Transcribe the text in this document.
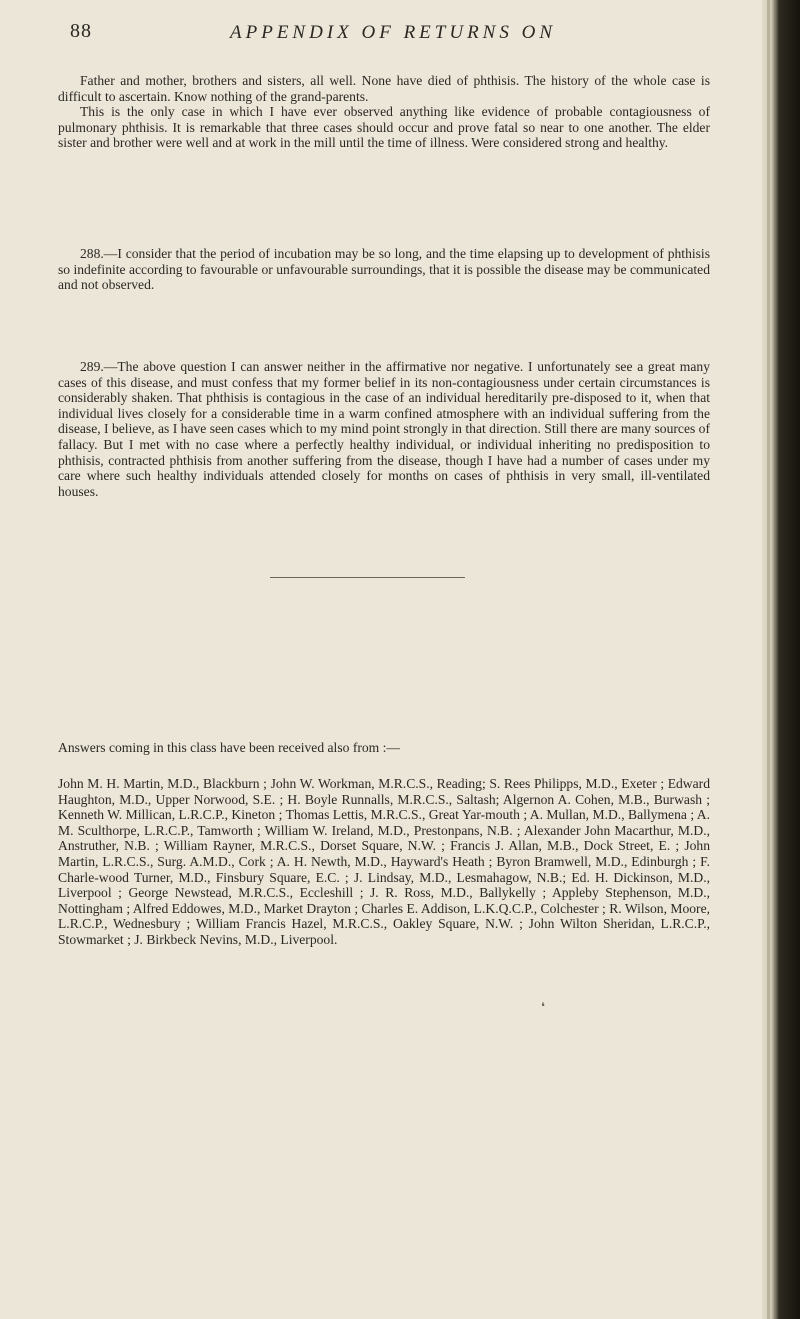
88	APPENDIX OF RETURNS ON

Father and mother, brothers and sisters, all well. None have died of phthisis. The history of the whole case is difficult to ascertain. Know nothing of the grand-parents.

This is the only case in which I have ever observed anything like evidence of probable contagiousness of pulmonary phthisis. It is remarkable that three cases should occur and prove fatal so near to one another. The elder sister and brother were well and at work in the mill until the time of illness. Were considered strong and healthy.

288.—I consider that the period of incubation may be so long, and the time elapsing up to development of phthisis so indefinite according to favourable or unfavourable surroundings, that it is possible the disease may be communicated and not observed.

289.—The above question I can answer neither in the affirmative nor negative. I unfortunately see a great many cases of this disease, and must confess that my former belief in its non-contagiousness under certain circumstances is considerably shaken. That phthisis is contagious in the case of an individual hereditarily pre-disposed to it, when that individual lives closely for a considerable time in a warm confined atmosphere with an individual suffering from the disease, I believe, as I have seen cases which to my mind point strongly in that direction. Still there are many sources of fallacy. But I met with no case where a perfectly healthy individual, or individual inheriting no predisposition to phthisis, contracted phthisis from another suffering from the disease, though I have had a number of cases under my care where such healthy individuals attended closely for months on cases of phthisis in very small, ill-ventilated houses.

Answers coming in this class have been received also from :—
John M. H. Martin, M.D., Blackburn ; John W. Workman, M.R.C.S., Reading; S. Rees Philipps, M.D., Exeter ; Edward Haughton, M.D., Upper Norwood, S.E. ; H. Boyle Runnalls, M.R.C.S., Saltash; Algernon A. Cohen, M.B., Burwash ; Kenneth W. Millican, L.R.C.P., Kineton ; Thomas Lettis, M.R.C.S., Great Yar-mouth ; A. Mullan, M.D., Ballymena ; A. M. Sculthorpe, L.R.C.P., Tamworth ; William W. Ireland, M.D., Prestonpans, N.B. ; Alexander John Macarthur, M.D., Anstruther, N.B. ; William Rayner, M.R.C.S., Dorset Square, N.W. ; Francis J. Allan, M.B., Dock Street, E. ; John Martin, L.R.C.S., Surg. A.M.D., Cork ; A. H. Newth, M.D., Hayward's Heath ; Byron Bramwell, M.D., Edinburgh ; F. Charle-wood Turner, M.D., Finsbury Square, E.C. ; J. Lindsay, M.D., Lesmahagow, N.B.; Ed. H. Dickinson, M.D., Liverpool ; George Newstead, M.R.C.S., Eccleshill ; J. R. Ross, M.D., Ballykelly ; Appleby Stephenson, M.D., Nottingham ; Alfred Eddowes, M.D., Market Drayton ; Charles E. Addison, L.K.Q.C.P., Colchester ; R. Wilson, Moore, L.R.C.P., Wednesbury ; William Francis Hazel, M.R.C.S., Oakley Square, N.W. ; John Wilton Sheridan, L.R.C.P., Stowmarket ; J. Birkbeck Nevins, M.D., Liverpool.
❛
